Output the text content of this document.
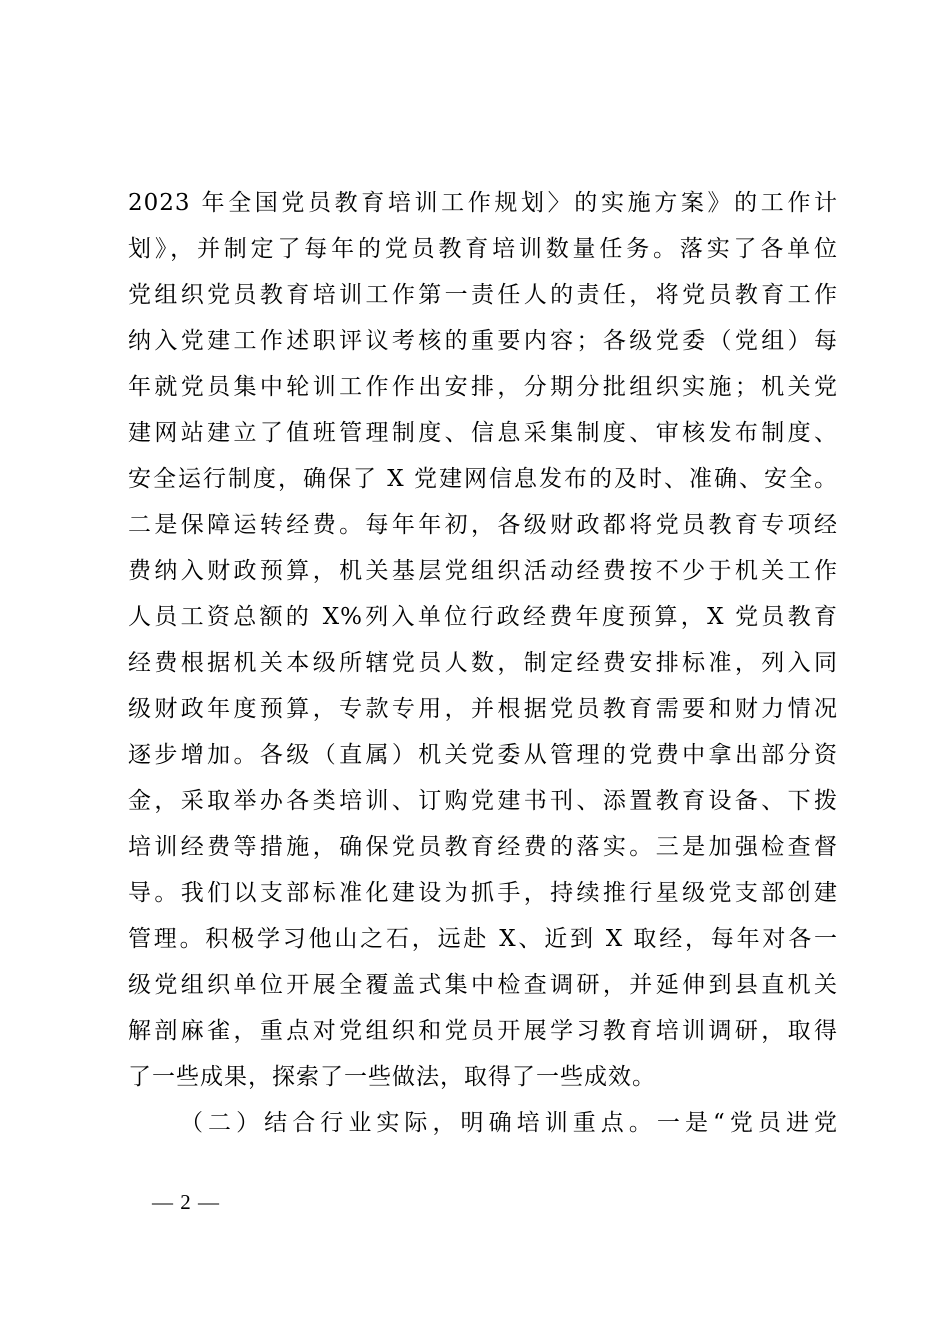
2023 年全国党员教育培训工作规划〉的实施方案》的工作计
划》，并制定了每年的党员教育培训数量任务。落实了各单位
党组织党员教育培训工作第一责任人的责任，将党员教育工作
纳入党建工作述职评议考核的重要内容；各级党委（党组）每
年就党员集中轮训工作作出安排，分期分批组织实施；机关党
建网站建立了值班管理制度、信息采集制度、审核发布制度、
安全运行制度，确保了 X 党建网信息发布的及时、准确、安全。
二是保障运转经费。每年年初，各级财政都将党员教育专项经
费纳入财政预算，机关基层党组织活动经费按不少于机关工作
人员工资总额的 X%列入单位行政经费年度预算，X 党员教育
经费根据机关本级所辖党员人数，制定经费安排标准，列入同
级财政年度预算，专款专用，并根据党员教育需要和财力情况
逐步增加。各级（直属）机关党委从管理的党费中拿出部分资
金，采取举办各类培训、订购党建书刊、添置教育设备、下拨
培训经费等措施，确保党员教育经费的落实。三是加强检查督
导。我们以支部标准化建设为抓手，持续推行星级党支部创建
管理。积极学习他山之石，远赴 X、近到 X 取经，每年对各一
级党组织单位开展全覆盖式集中检查调研，并延伸到县直机关
解剖麻雀，重点对党组织和党员开展学习教育培训调研，取得
了一些成果，探索了一些做法，取得了一些成效。
（二）结合行业实际，明确培训重点。一是“党员进党
— 2 —
